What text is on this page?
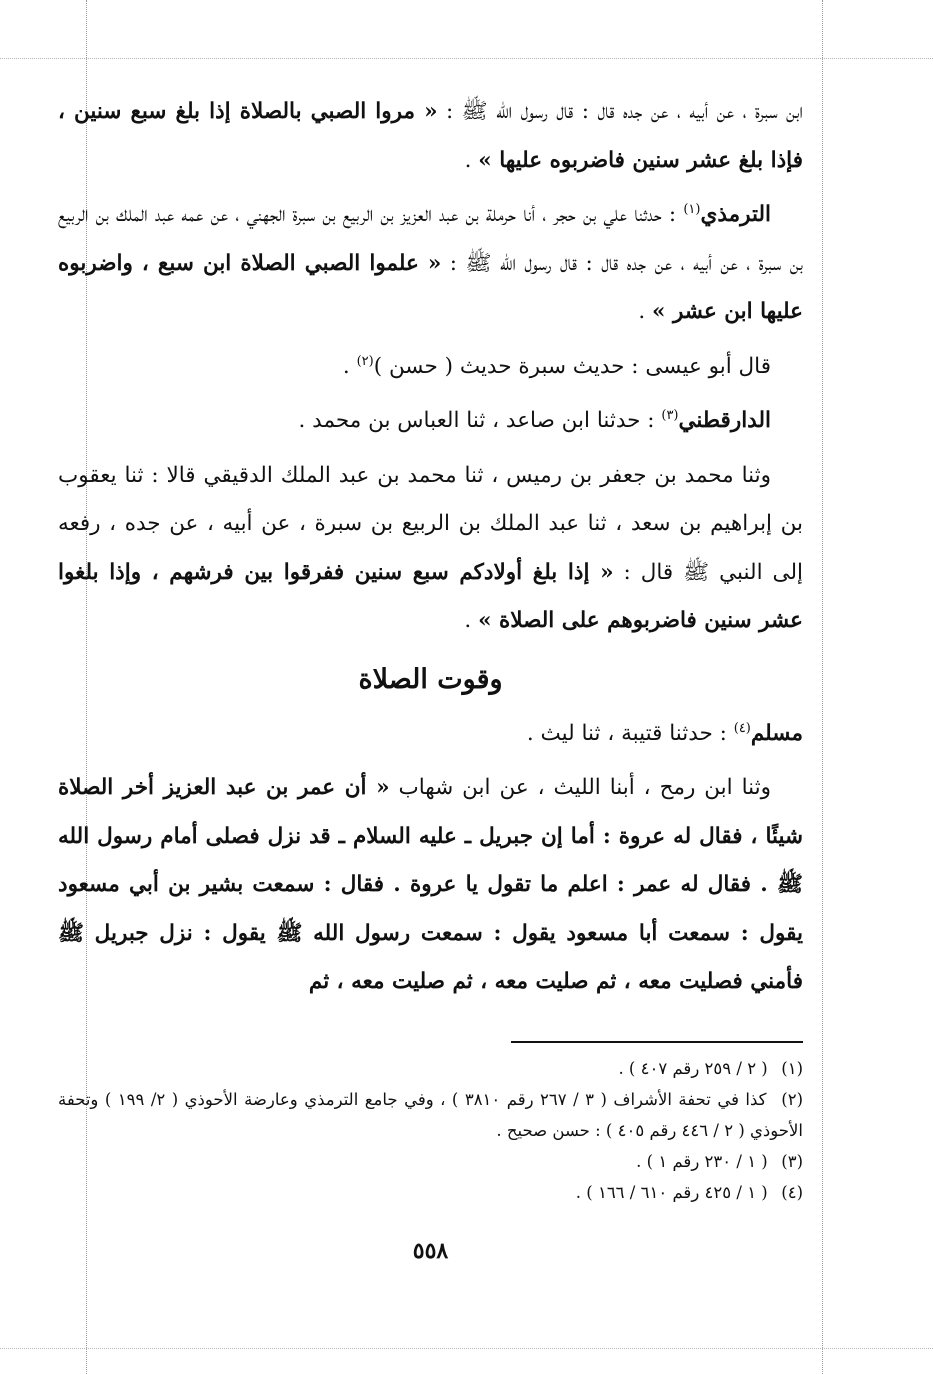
ابن سبرة ، عن أبيه ، عن جده قال : قال رسول الله ﷺ : « مروا الصبي بالصلاة إذا بلغ سبع سنين ، فإذا بلغ عشر سنين فاضربوه عليها » .

الترمذي$^{(١)}$ : حدثنا علي بن حجر ، أنا حرملة بن عبد العزيز بن الربيع بن سبرة الجهني ، عن عمه عبد الملك بن الربيع بن سبرة ، عن أبيه ، عن جده قال : قال رسول الله ﷺ : « علموا الصبي الصلاة ابن سبع ، واضربوه عليها ابن عشر » .

قال أبو عيسى : حديث سبرة حديث ( حسن )$^{(٢)}$ .

الدارقطني$^{(٣)}$ : حدثنا ابن صاعد ، ثنا العباس بن محمد .

وثنا محمد بن جعفر بن رميس ، ثنا محمد بن عبد الملك الدقيقي قالا : ثنا يعقوب بن إبراهيم بن سعد ، ثنا عبد الملك بن الربيع بن سبرة ، عن أبيه ، عن جده ، رفعه إلى النبي ﷺ قال : « إذا بلغ أولادكم سبع سنين ففرقوا بين فرشهم ، وإذا بلغوا عشر سنين فاضربوهم على الصلاة » .

وقوت الصلاة

مسلم$^{(٤)}$ : حدثنا قتيبة ، ثنا ليث .

وثنا ابن رمح ، أبنا الليث ، عن ابن شهاب « أن عمر بن عبد العزيز أخر الصلاة شيئًا ، فقال له عروة : أما إن جبريل ـ عليه السلام ـ قد نزل فصلى أمام رسول الله ﷺ . فقال له عمر : اعلم ما تقول يا عروة . فقال : سمعت بشير بن أبي مسعود يقول : سمعت أبا مسعود يقول : سمعت رسول الله ﷺ يقول : نزل جبريل ﷺ فأمني فصليت معه ، ثم صليت معه ، ثم صليت معه ، ثم

(١) ( ٢ / ٢٥٩ رقم ٤٠٧ ) .

(٢) كذا في تحفة الأشراف ( ٣ / ٢٦٧ رقم ٣٨١٠ ) ، وفي جامع الترمذي وعارضة الأحوذي ( ٢/ ١٩٩ ) وتحفة الأحوذي ( ٢ / ٤٤٦ رقم ٤٠٥ ) : حسن صحيح .

(٣) ( ١ / ٢٣٠ رقم ١ ) .

(٤) ( ١ / ٤٢٥ رقم ٦١٠ / ١٦٦ ) .

٥٥٨
